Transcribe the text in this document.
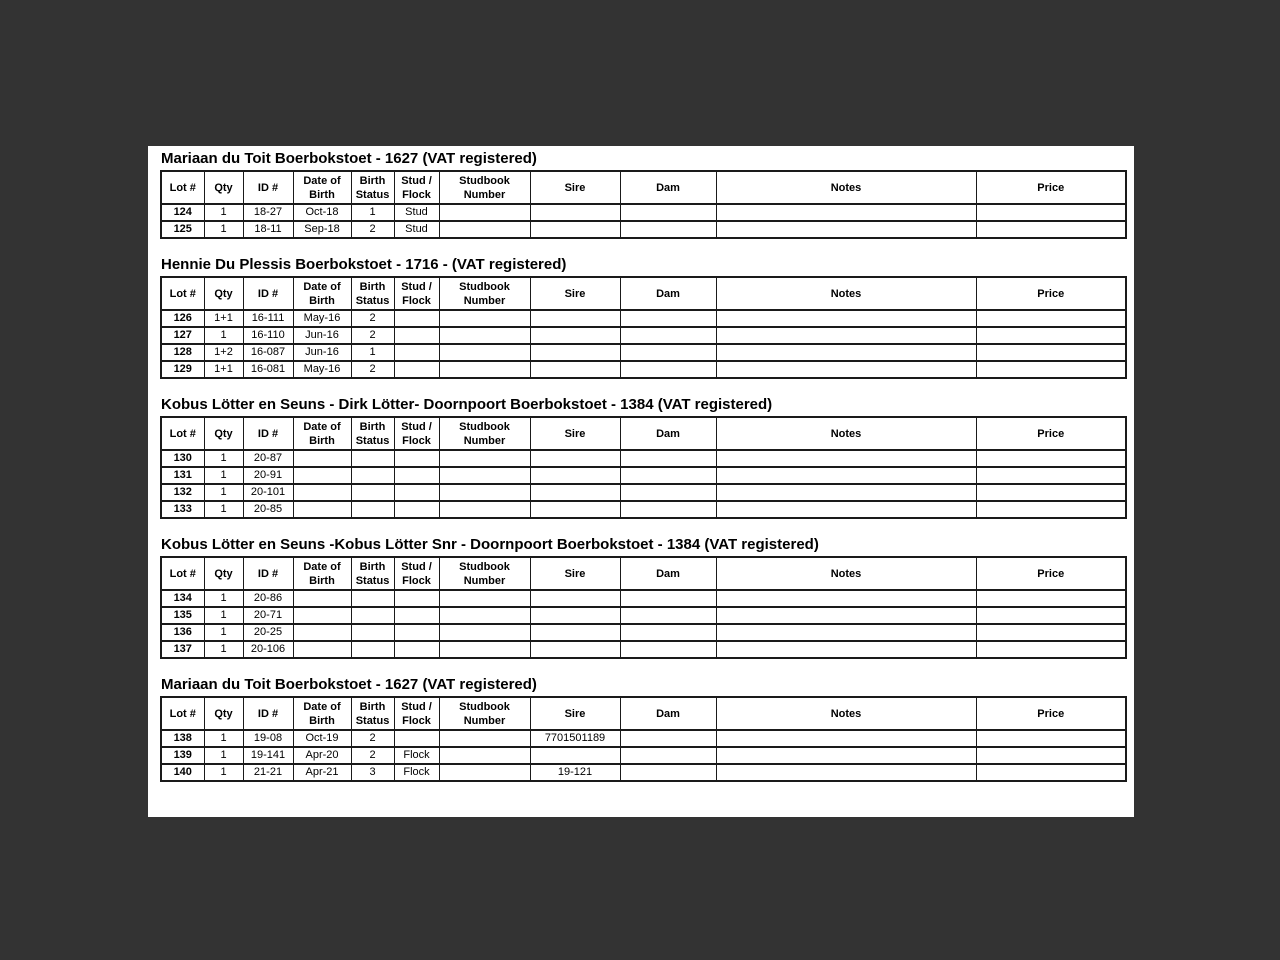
Mariaan du Toit Boerbokstoet - 1627 (VAT registered)
Lot #	Qty	ID #	Date of Birth	Birth Status	Stud / Flock	Studbook Number	Sire	Dam	Notes	Price
124	1	18-27	Oct-18	1	Stud					
125	1	18-11	Sep-18	2	Stud					
Hennie Du Plessis Boerbokstoet - 1716 - (VAT registered)
Lot #	Qty	ID #	Date of Birth	Birth Status	Stud / Flock	Studbook Number	Sire	Dam	Notes	Price
126	1+1	16-111	May-16	2						
127	1	16-110	Jun-16	2						
128	1+2	16-087	Jun-16	1						
129	1+1	16-081	May-16	2						
Kobus Lötter en Seuns - Dirk Lötter- Doornpoort Boerbokstoet - 1384 (VAT registered)
Lot #	Qty	ID #	Date of Birth	Birth Status	Stud / Flock	Studbook Number	Sire	Dam	Notes	Price
130	1	20-87								
131	1	20-91								
132	1	20-101								
133	1	20-85								
Kobus Lötter en Seuns -Kobus Lötter Snr - Doornpoort Boerbokstoet - 1384 (VAT registered)
Lot #	Qty	ID #	Date of Birth	Birth Status	Stud / Flock	Studbook Number	Sire	Dam	Notes	Price
134	1	20-86								
135	1	20-71								
136	1	20-25								
137	1	20-106								
Mariaan du Toit Boerbokstoet - 1627 (VAT registered)
Lot #	Qty	ID #	Date of Birth	Birth Status	Stud / Flock	Studbook Number	Sire	Dam	Notes	Price
138	1	19-08	Oct-19	2			7701501189			
139	1	19-141	Apr-20	2	Flock					
140	1	21-21	Apr-21	3	Flock		19-121			
